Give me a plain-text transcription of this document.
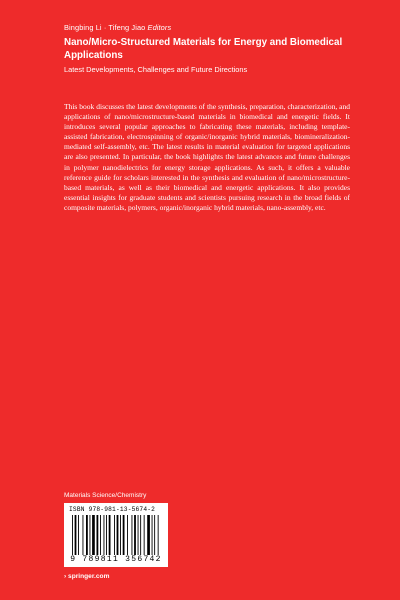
Bingbing Li · Tifeng Jiao Editors
Nano/Micro-Structured Materials for Energy and Biomedical Applications
Latest Developments, Challenges and Future Directions
This book discusses the latest developments of the synthesis, preparation, characterization, and applications of nano/microstructure-based materials in biomedical and energetic fields. It introduces several popular approaches to fabricating these materials, including template-assisted fabrication, electrospinning of organic/inorganic hybrid materials, biomineralization-mediated self-assembly, etc. The latest results in material evaluation for targeted applications are also presented. In particular, the book highlights the latest advances and future challenges in polymer nanodielectrics for energy storage applications. As such, it offers a valuable reference guide for scholars interested in the synthesis and evaluation of nano/microstructure-based materials, as well as their biomedical and energetic applications. It also provides essential insights for graduate students and scientists pursuing research in the broad fields of composite materials, polymers, organic/inorganic hybrid materials, nano-assembly, etc.
Materials Science/Chemistry
ISBN 978-981-13-5674-2
9 789811 356742
› springer.com
